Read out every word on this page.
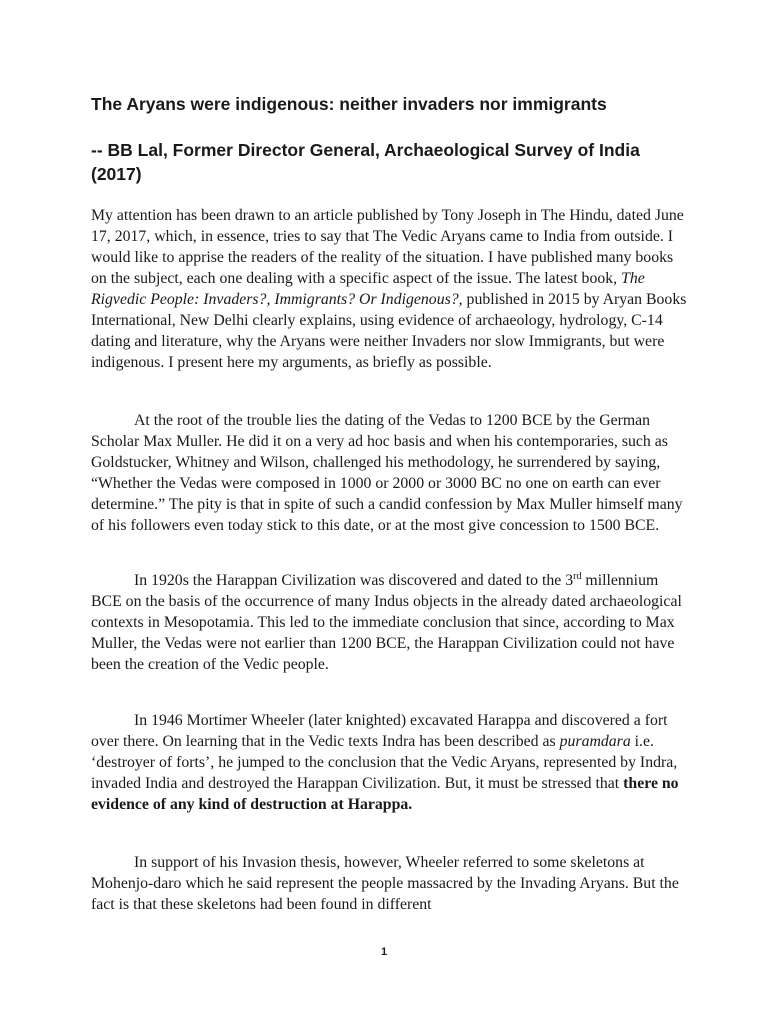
The Aryans were indigenous: neither invaders nor immigrants
-- BB Lal, Former Director General, Archaeological Survey of India (2017)

My attention has been drawn to an article published by Tony Joseph in The Hindu, dated June 17, 2017, which, in essence, tries to say that The Vedic Aryans came to India from outside. I would like to apprise the readers of the reality of the situation. I have published many books on the subject, each one dealing with a specific aspect of the issue. The latest book, The Rigvedic People: Invaders?, Immigrants? Or Indigenous?, published in 2015 by Aryan Books International, New Delhi clearly explains, using evidence of archaeology, hydrology, C-14 dating and literature, why the Aryans were neither Invaders nor slow Immigrants, but were indigenous. I present here my arguments, as briefly as possible.

At the root of the trouble lies the dating of the Vedas to 1200 BCE by the German Scholar Max Muller. He did it on a very ad hoc basis and when his contemporaries, such as Goldstucker, Whitney and Wilson, challenged his methodology, he surrendered by saying, “Whether the Vedas were composed in 1000 or 2000 or 3000 BC no one on earth can ever determine.” The pity is that in spite of such a candid confession by Max Muller himself many of his followers even today stick to this date, or at the most give concession to 1500 BCE.

In 1920s the Harappan Civilization was discovered and dated to the 3rd millennium BCE on the basis of the occurrence of many Indus objects in the already dated archaeological contexts in Mesopotamia. This led to the immediate conclusion that since, according to Max Muller, the Vedas were not earlier than 1200 BCE, the Harappan Civilization could not have been the creation of the Vedic people.

In 1946 Mortimer Wheeler (later knighted) excavated Harappa and discovered a fort over there. On learning that in the Vedic texts Indra has been described as puramdara i.e. ‘destroyer of forts’, he jumped to the conclusion that the Vedic Aryans, represented by Indra, invaded India and destroyed the Harappan Civilization. But, it must be stressed that there no evidence of any kind of destruction at Harappa.

In support of his Invasion thesis, however, Wheeler referred to some skeletons at Mohenjo-daro which he said represent the people massacred by the Invading Aryans. But the fact is that these skeletons had been found in different

1
